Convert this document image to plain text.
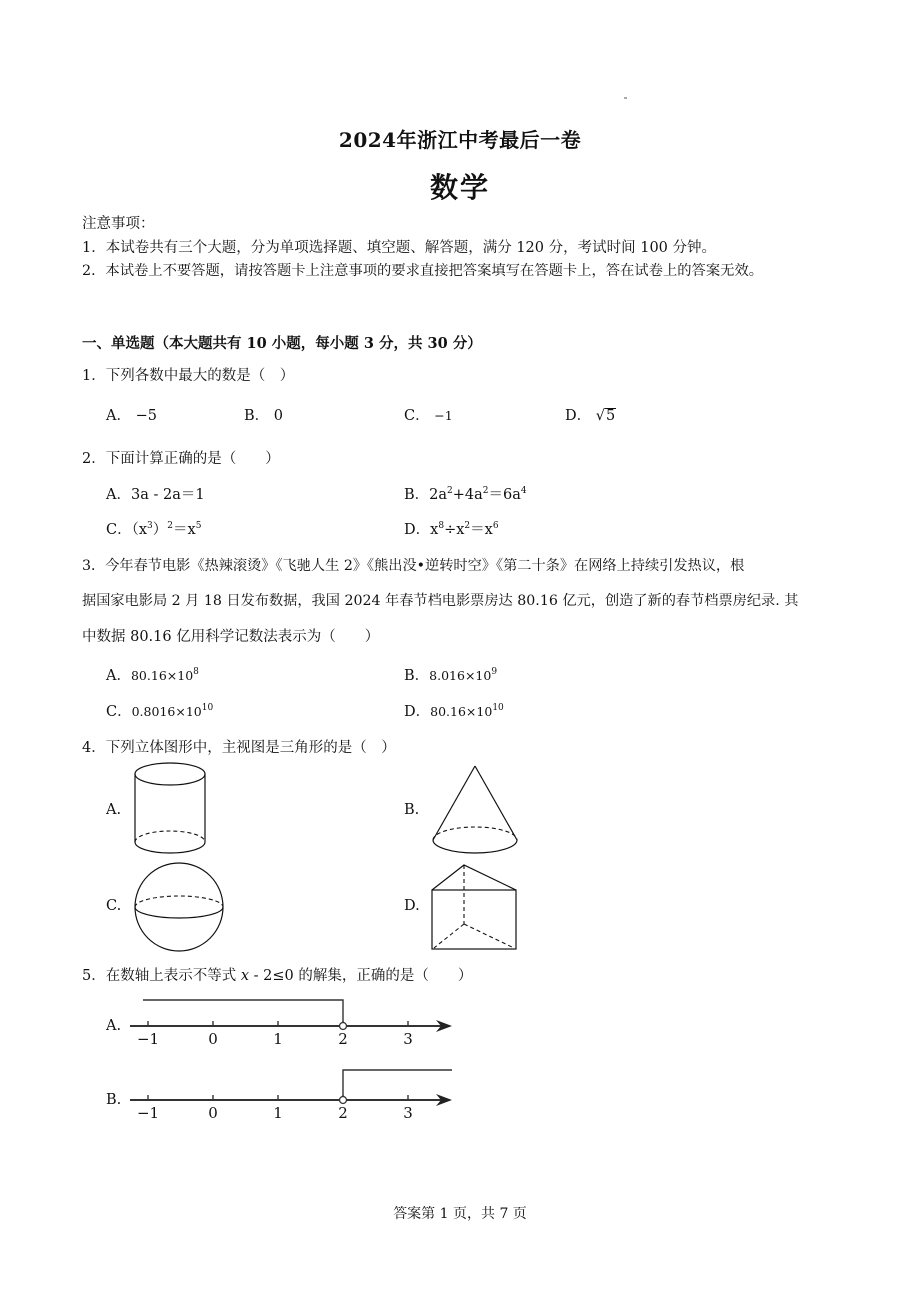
2024年浙江中考最后一卷
数学
注意事项：
1．本试卷共有三个大题，分为单项选择题、填空题、解答题，满分 120 分，考试时间 100 分钟。
2．本试卷上不要答题，请按答题卡上注意事项的要求直接把答案填写在答题卡上，答在试卷上的答案无效。
一、单选题（本大题共有 10 小题，每小题 3 分，共 30 分）
1．下列各数中最大的数是（　）
A． −5	B． 0	C． −1	D． √5
2．下面计算正确的是（　　）
A．3a - 2a＝1	B．$2a^2+4a^2=6a^4$
C．$(x^3)^2=x^5$	D．$x^8\div x^2=x^6$
3．今年春节电影《热辣滚烫》《飞驰人生 2》《熊出没•逆转时空》《第二十条》在网络上持续引发热议，根
据国家电影局 2 月 18 日发布数据，我国 2024 年春节档电影票房达 80.16 亿元，创造了新的春节档票房纪录. 其
中数据 80.16 亿用科学记数法表示为（　　）
A．$80.16\times 10^8$	B．$8.016\times 10^9$
C．$0.8016\times 10^{10}$	D．$80.16\times 10^{10}$
4．下列立体图形中，主视图是三角形的是（　）
A.	B.
C.	D.
5．在数轴上表示不等式 x - 2≤0 的解集，正确的是（　　）
A.
−1	0	1	2	3
B.
−1	0	1	2	3
答案第 1 页，共 7 页
